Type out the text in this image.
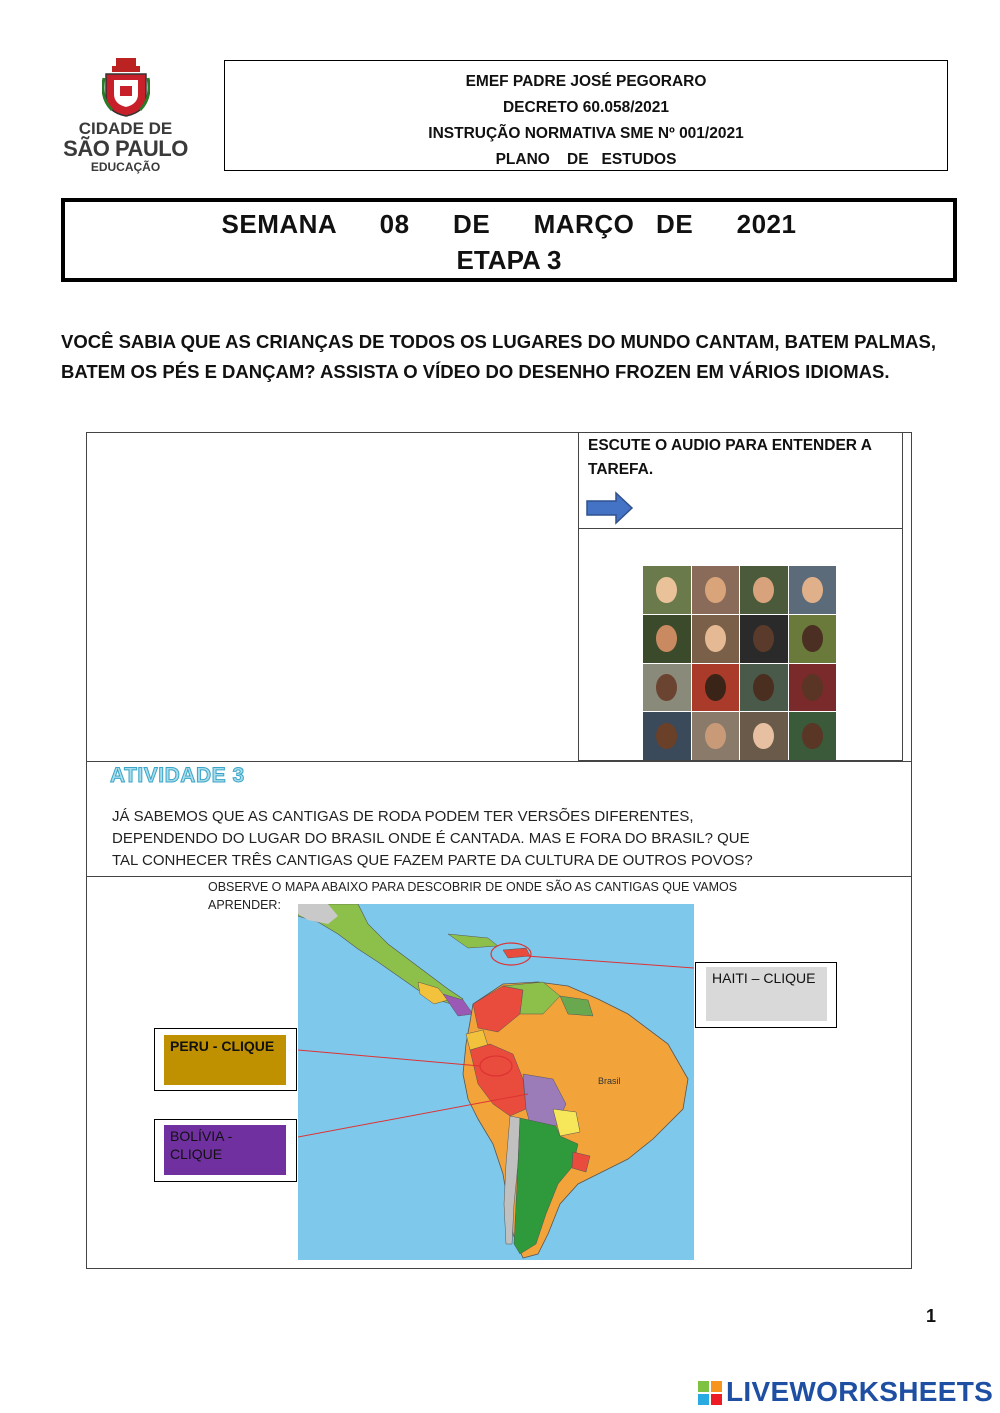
CIDADE DE
SÃO PAULO
EDUCAÇÃO
EMEF PADRE JOSÉ PEGORARO
DECRETO 60.058/2021
INSTRUÇÃO NORMATIVA SME Nº 001/2021
PLANO    DE   ESTUDOS
SEMANA  08  DE  MARÇO DE  2021
ETAPA 3
VOCÊ SABIA QUE AS CRIANÇAS DE TODOS OS LUGARES DO MUNDO CANTAM, BATEM PALMAS, BATEM OS PÉS E DANÇAM? ASSISTA O VÍDEO DO DESENHO FROZEN EM VÁRIOS IDIOMAS.
ESCUTE O AUDIO PARA ENTENDER A TAREFA.
ATIVIDADE 3
JÁ SABEMOS QUE AS CANTIGAS DE RODA PODEM TER VERSÕES DIFERENTES,
DEPENDENDO DO LUGAR DO BRASIL ONDE É CANTADA. MAS E FORA DO BRASIL? QUE
TAL CONHECER TRÊS CANTIGAS QUE FAZEM PARTE DA CULTURA DE OUTROS POVOS?
OBSERVE O MAPA ABAIXO PARA DESCOBRIR DE ONDE SÃO AS CANTIGAS QUE VAMOS
APRENDER:
Brasil
HAITI – CLIQUE
PERU - CLIQUE
BOLÍVIA - CLIQUE
1
LIVEWORKSHEETS
